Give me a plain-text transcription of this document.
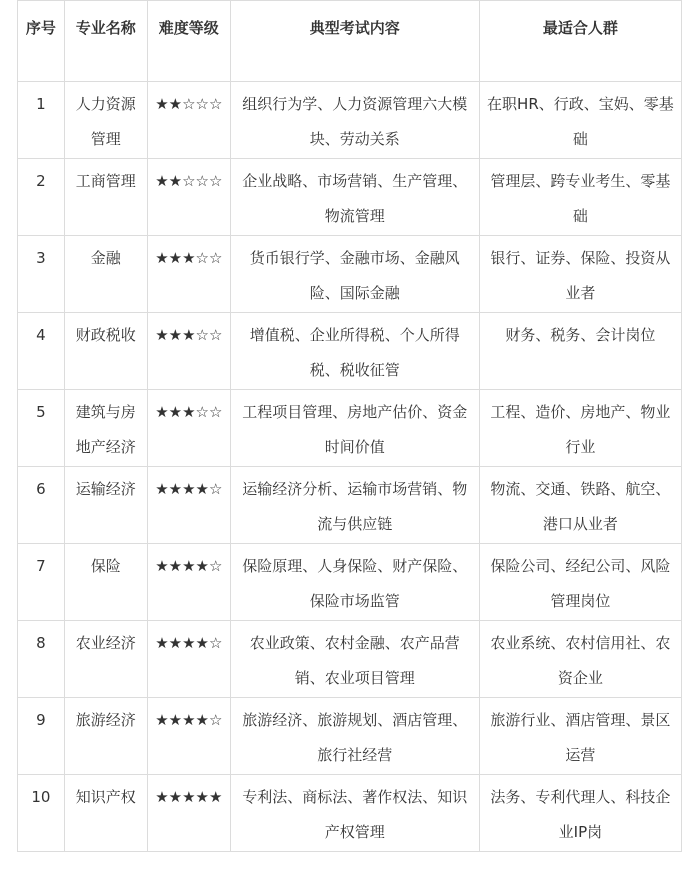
序号	专业名称	难度等级	典型考试内容	最适合人群
1	人力资源管理	★★☆☆☆	组织行为学、人力资源管理六大模块、劳动关系	在职HR、行政、宝妈、零基础
2	工商管理	★★☆☆☆	企业战略、市场营销、生产管理、物流管理	管理层、跨专业考生、零基础
3	金融	★★★☆☆	货币银行学、金融市场、金融风险、国际金融	银行、证券、保险、投资从业者
4	财政税收	★★★☆☆	增值税、企业所得税、个人所得税、税收征管	财务、税务、会计岗位
5	建筑与房地产经济	★★★☆☆	工程项目管理、房地产估价、资金时间价值	工程、造价、房地产、物业行业
6	运输经济	★★★★☆	运输经济分析、运输市场营销、物流与供应链	物流、交通、铁路、航空、港口从业者
7	保险	★★★★☆	保险原理、人身保险、财产保险、保险市场监管	保险公司、经纪公司、风险管理岗位
8	农业经济	★★★★☆	农业政策、农村金融、农产品营销、农业项目管理	农业系统、农村信用社、农资企业
9	旅游经济	★★★★☆	旅游经济、旅游规划、酒店管理、旅行社经营	旅游行业、酒店管理、景区运营
10	知识产权	★★★★★	专利法、商标法、著作权法、知识产权管理	法务、专利代理人、科技企业IP岗
